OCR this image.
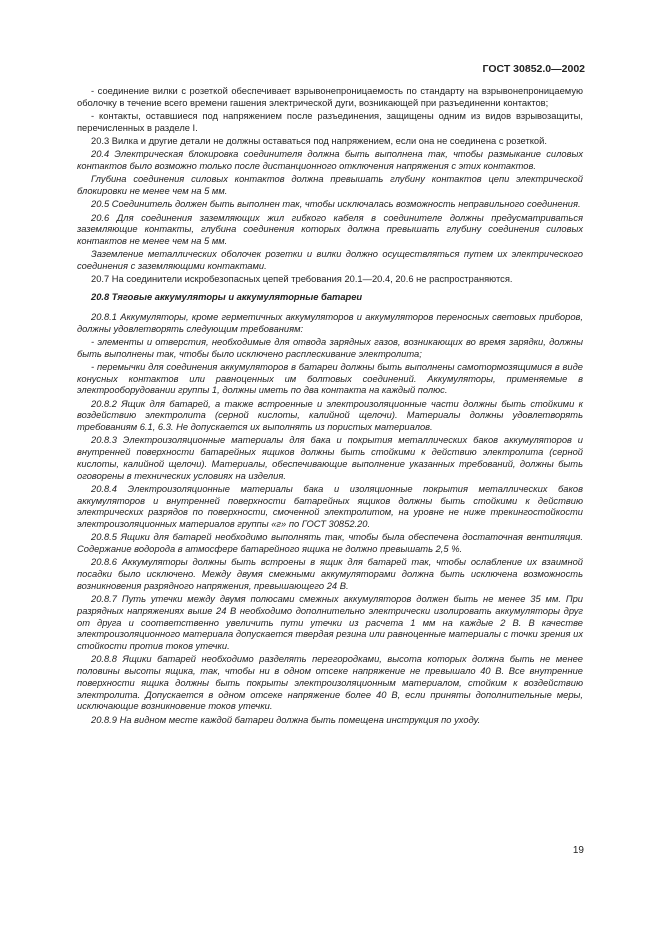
ГОСТ 30852.0—2002

- соединение вилки с розеткой обеспечивает взрывонепроницаемость по стандарту на взрывонепроницаемую оболочку в течение всего времени гашения электрической дуги, возникающей при разъединенни контактов;

- контакты, оставшиеся под напряжением после разъединения, защищены одним из видов взрывозащиты, перечисленных в разделе I.

20.3 Вилка и другие детали не должны оставаться под напряжением, если она не соединена с розеткой.

20.4 Электрическая блокировка соединителя должна быть выполнена так, чтобы размыкание силовых контактов было возможно только после дистанционного отключения напряжения с этих контактов.

Глубина соединения силовых контактов должна превышать глубину контактов цепи электрической блокировки не менее чем на 5 мм.

20.5 Соединитель должен быть выполнен так, чтобы исключалась возможность неправильного соединения.

20.6 Для соединения заземляющих жил гибкого кабеля в соединителе должны предусматриваться заземляющие контакты, глубина соединения которых должна превышать глубину соединения силовых контактов не менее чем на 5 мм.

Заземление металлических оболочек розетки и вилки должно осуществляться путем их электрического соединения с заземляющими контактами.

20.7 На соединители искробезопасных цепей требования 20.1—20.4, 20.6 не распространяются.

20.8 Тяговые аккумуляторы и аккумуляторные батареи

20.8.1 Аккумуляторы, кроме герметичных аккумуляторов и аккумуляторов переносных световых приборов, должны удовлетворять следующим требованиям:

- элементы и отверстия, необходимые для отвода зарядных газов, возникающих во время зарядки, должны быть выполнены так, чтобы было исключено расплескивание электролита;

- перемычки для соединения аккумуляторов в батареи должны быть выполнены самотормозящимися в виде конусных контактов или равноценных им болтовых соединений. Аккумуляторы, применяемые в электрооборудовании группы 1, должны иметь по два контакта на каждый полюс.

20.8.2 Ящик для батарей, а также встроенные и электроизоляционные части должны быть стойкими к воздействию электролита (серной кислоты, калийной щелочи). Материалы должны удовлетворять требованиям 6.1, 6.3. Не допускается их выполнять из пористых материалов.

20.8.3 Электроизоляционные материалы для бака и покрытия металлических баков аккумуляторов и внутренней поверхности батарейных ящиков должны быть стойкими к действию электролита (серной кислоты, калийной щелочи). Материалы, обеспечивающие выполнение указанных требований, должны быть оговорены в технических условиях на изделия.

20.8.4 Электроизоляционные материалы бака и изоляционные покрытия металлических баков аккумуляторов и внутренней поверхности батарейных ящиков должны быть стойкими к действию электрических разрядов по поверхности, смоченной электролитом, на уровне не ниже трекингостойкости электроизоляционных материалов группы «г» по ГОСТ 30852.20.

20.8.5 Ящики для батарей необходимо выполнять так, чтобы была обеспечена достаточная вентиляция. Содержание водорода в атмосфере батарейного ящика не должно превышать 2,5 %.

20.8.6 Аккумуляторы должны быть встроены в ящик для батарей так, чтобы ослабление их взаимной посадки было исключено. Между двумя смежными аккумуляторами должна быть исключена возможность возникновения разрядного напряжения, превышающего 24 В.

20.8.7 Путь утечки между двумя полюсами смежных аккумуляторов должен быть не менее 35 мм. При разрядных напряжениях выше 24 В необходимо дополнительно электрически изолировать аккумуляторы друг от друга и соответственно увеличить пути утечки из расчета 1 мм на каждые 2 В. В качестве электроизоляционного материала допускается твердая резина или равноценные материалы с точки зрения их стойкости против токов утечки.

20.8.8 Ящики батарей необходимо разделять перегородками, высота которых должна быть не менее половины высоты ящика, так, чтобы ни в одном отсеке напряжение не превышало 40 В. Все внутренние поверхности ящика должны быть покрыты электроизоляционным материалом, стойким к воздействию электролита. Допускается в одном отсеке напряжение более 40 В, если приняты дополнительные меры, исключающие возникновение токов утечки.

20.8.9 На видном месте каждой батареи должна быть помещена инструкция по уходу.

19
